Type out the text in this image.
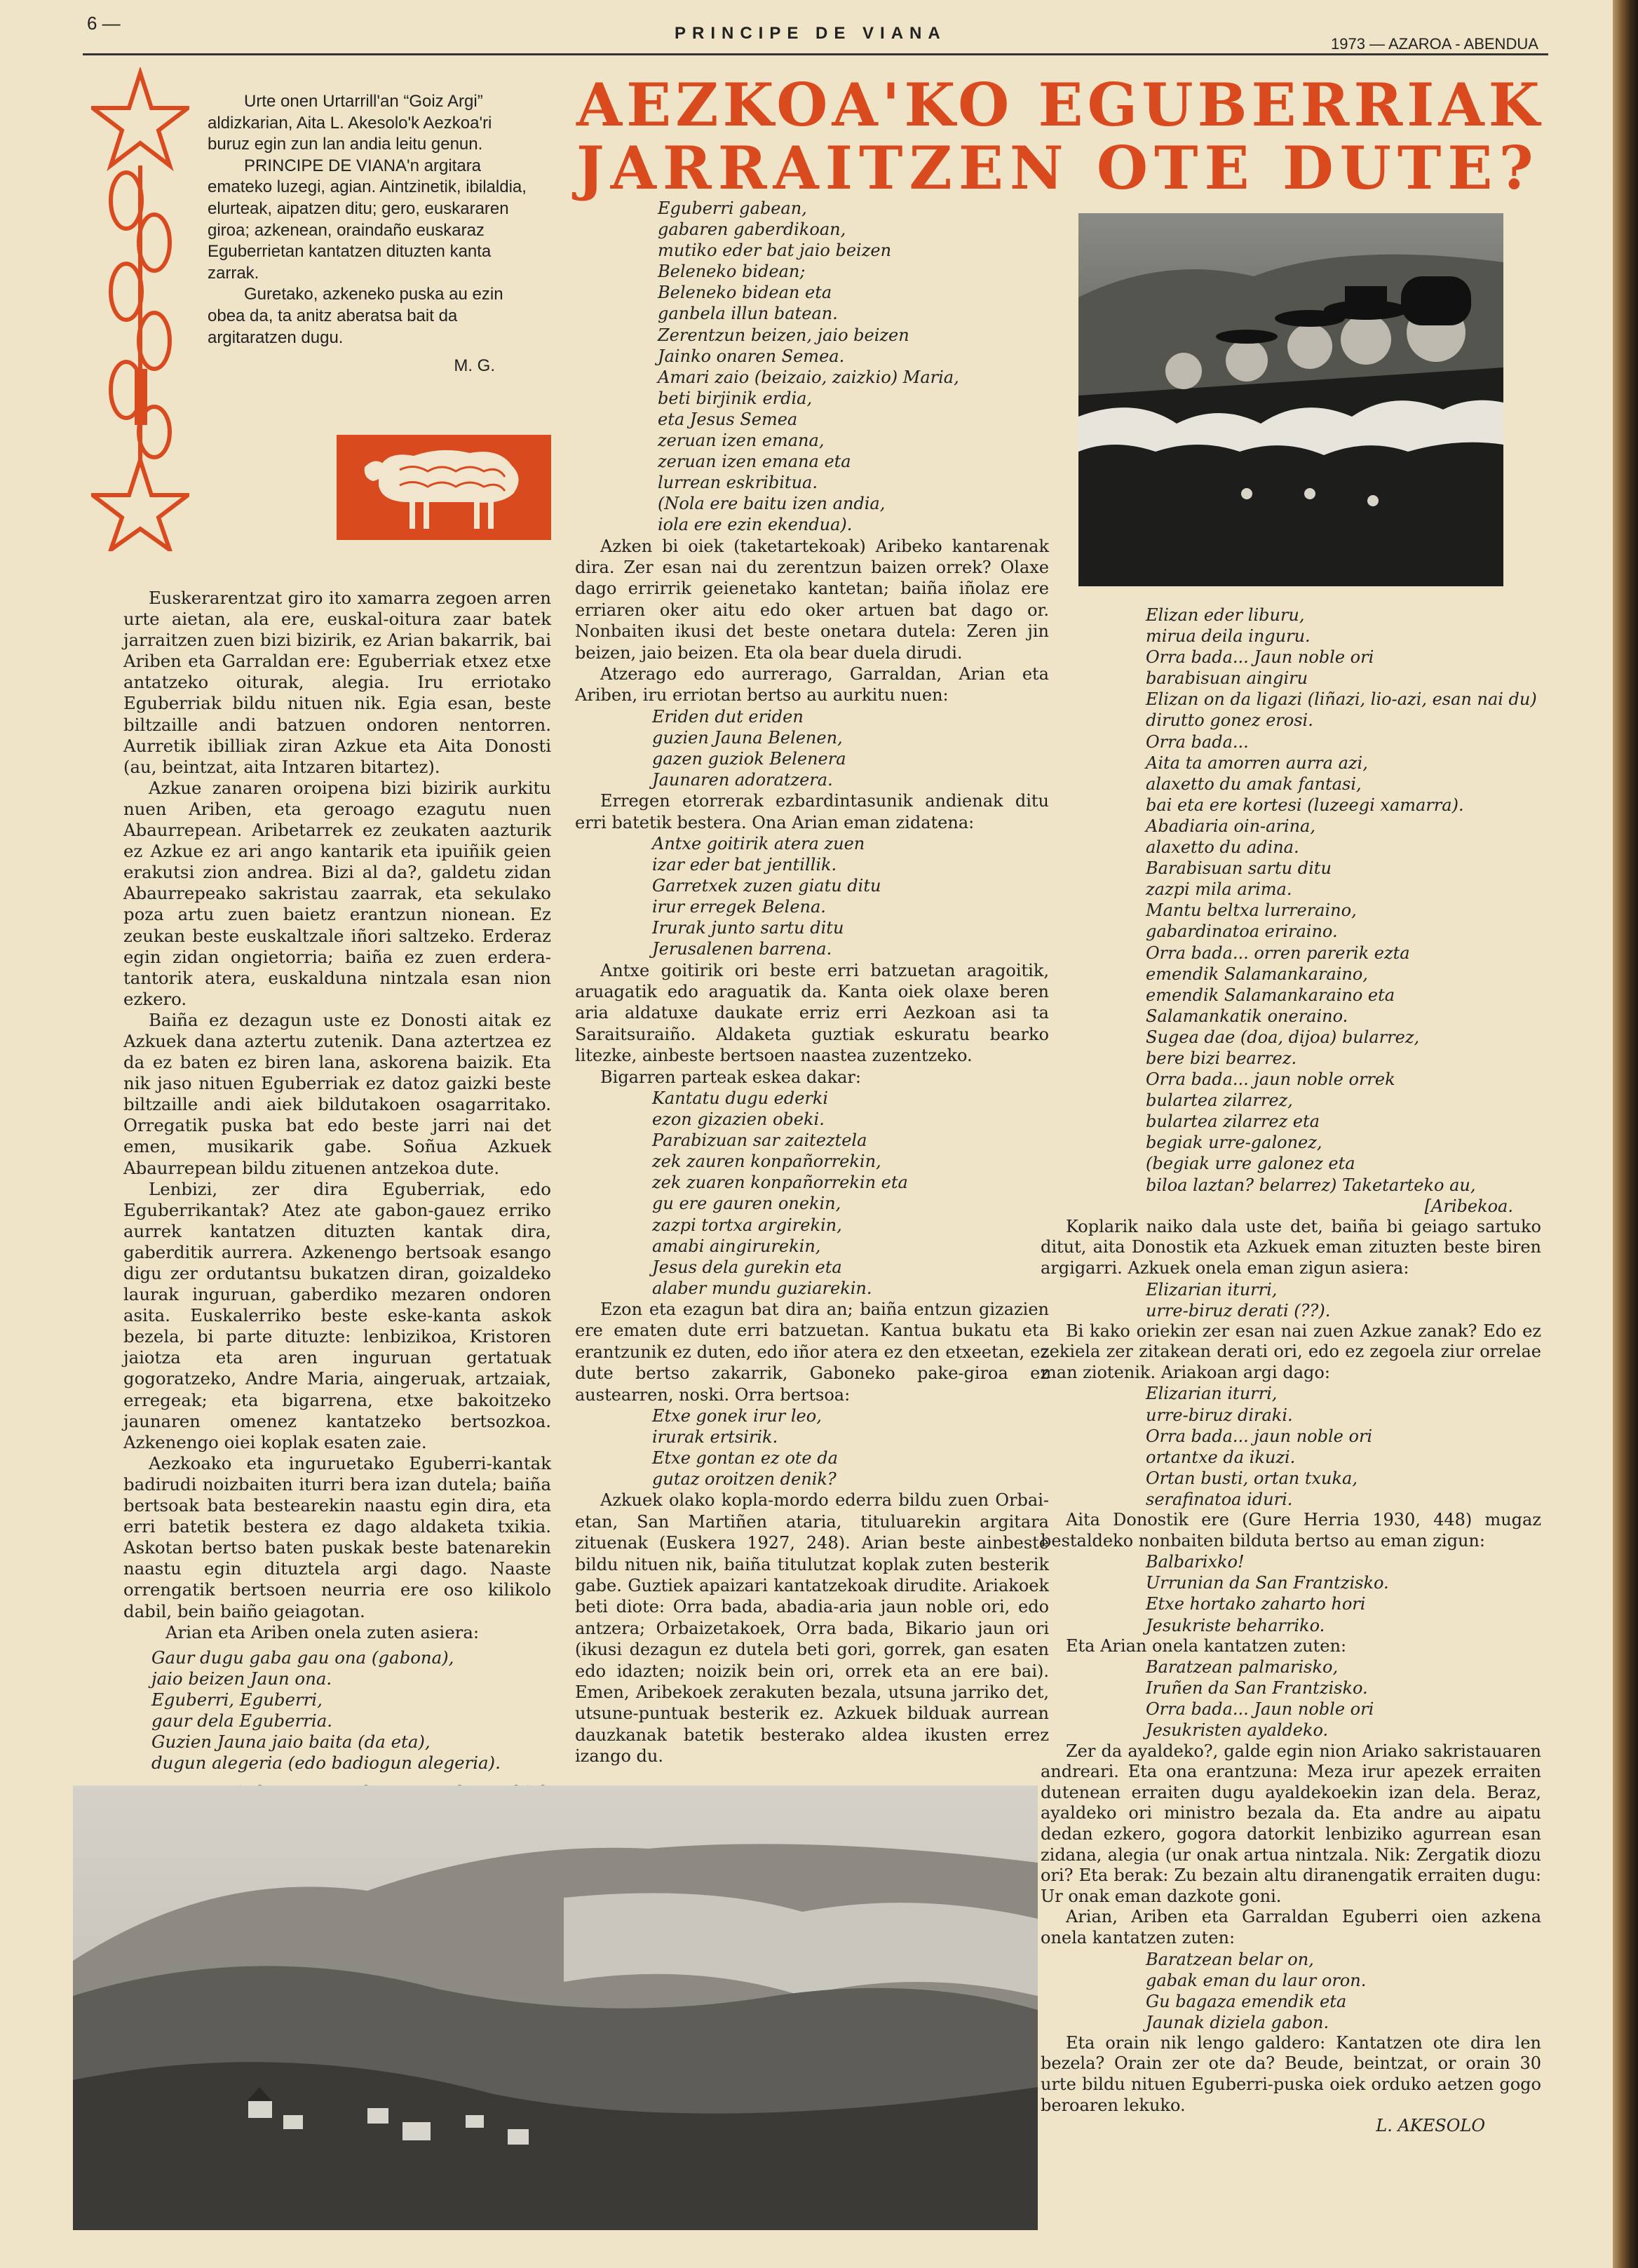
6 —	PRINCIPE DE VIANA
1973 — AZAROA - ABENDUA

Urte onen Urtarrill'an “Goiz Argi” aldizkarian, Aita L. Akesolo'k Aezkoa'ri buruz egin zun lan andia leitu genun.

PRINCIPE DE VIANA'n argitara emateko luzegi, agian. Aintzinetik, ibilaldia, elurteak, aipatzen ditu; gero, euskararen giroa; azkenean, oraindaño euskaraz Eguberrietan kantatzen dituzten kanta zarrak.

Guretako, azkeneko puska au ezin obea da, ta anitz aberatsa bait da argitaratzen dugu.

M. G.

AEZKOA'KO EGUBERRIAK
JARRAITZEN OTE DUTE?

Euskerarentzat giro ito xamarra zegoen arren urte aietan, ala ere, euskal-oitura zaar batek jarraitzen zuen bizi bizirik, ez Arian bakarrik, bai Ariben eta Garraldan ere: Eguberriak etxez etxe antatzeko oiturak, alegia. Iru erriotako Eguberriak bildu nituen nik. Egia esan, beste biltzaille andi batzuen ondoren nentorren. Aurretik ibilliak ziran Azkue eta Aita Donosti (au, beintzat, aita Intzaren bitartez).

Azkue zanaren oroipena bizi bizirik aurkitu nuen Ariben, eta geroago ezagutu nuen Abaurrepean. Aribetarrek ez zeukaten aazturik ez Azkue ez ari ango kantarik eta ipuiñik geien erakutsi zion andrea. Bizi al da?, galdetu zidan Abaurrepeako sakristau zaarrak, eta sekulako poza artu zuen baietz erantzun nionean. Ez zeukan beste euskaltzale iñori saltzeko. Erderaz egin zidan ongietorria; baiña ez zuen erdera-tantorik atera, euskalduna nintzala esan nion ezkero.

Baiña ez dezagun uste ez Donosti aitak ez Azkuek dana aztertu zutenik. Dana aztertzea ez da ez baten ez biren lana, askorena baizik. Eta nik jaso nituen Eguberriak ez datoz gaizki beste biltzaille andi aiek bildutakoen osagarritako. Orregatik puska bat edo beste jarri nai det emen, musikarik gabe. Soñua Azkuek Abaurrepean bildu zituenen antzekoa dute.

Lenbizi, zer dira Eguberriak, edo Eguberrikantak? Atez ate gabon-gauez erriko aurrek kantatzen dituzten kantak dira, gaberditik aurrera. Azkenengo bertsoak esango digu zer ordutantsu bukatzen diran, goizaldeko laurak inguruan, gaberdiko mezaren ondoren asita. Euskalerriko beste eske-kanta askok bezela, bi parte dituzte: lenbizikoa, Kristoren jaiotza eta aren inguruan gertatuak gogoratzeko, Andre Maria, aingeruak, artzaiak, erregeak; eta bigarrena, etxe bakoitzeko jaunaren omenez kantatzeko bertsozkoa. Azkenengo oiei koplak esaten zaie.

Aezkoako eta inguruetako Eguberri-kantak badirudi noizbaiten iturri bera izan dutela; baiña bertsoak bata bestearekin naastu egin dira, eta erri batetik bestera ez dago aldaketa txikia. Askotan bertso baten puskak beste batenarekin naastu egin dituztela argi dago. Naaste orrengatik bertsoen neurria ere oso kilikolo dabil, bein baiño geiagotan.

Arian eta Ariben onela zuten asiera:

Gaur dugu gaba gau ona (gabona),
jaio beizen Jaun ona.
Eguberri, Eguberri,
gaur dela Eguberria.
Guzien Jauna jaio baita (da eta),
dugun alegeria (edo badiogun alegeria).

Eguberri gabean,
gabaren gaberdikoan,
mutiko eder bat jaio beizen
Beleneko bidean;
Beleneko bidean eta
ganbela illun batean.
Zerentzun beizen, jaio beizen
Jainko onaren Semea.
Amari zaio (beizaio, zaizkio) Maria,
beti birjinik erdia,
eta Jesus Semea
zeruan izen emana,
zeruan izen emana eta
lurrean eskribitua.
(Nola ere baitu izen andia,
iola ere ezin ekendua).

Azken bi oiek (taketartekoak) Aribeko kantarenak dira. Zer esan nai du zerentzun baizen orrek? Olaxe dago errirrik geienetako kantetan; baiña iñolaz ere erriaren oker aitu edo oker artuen bat dago or. Nonbaiten ikusi det beste onetara dutela: Zeren jin beizen, jaio beizen. Eta ola bear duela dirudi.

Atzerago edo aurrerago, Garraldan, Arian eta Ariben, iru erriotan bertso au aurkitu nuen:

Eriden dut eriden
guzien Jauna Belenen,
gazen guziok Belenera
Jaunaren adoratzera.

Erregen etorrerak ezbardintasunik andienak ditu erri batetik bestera. Ona Arian eman zidatena:

Antxe goitirik atera zuen
izar eder bat jentillik.
Garretxek zuzen giatu ditu
irur erregek Belena.
Irurak junto sartu ditu
Jerusalenen barrena.

Antxe goitirik ori beste erri batzuetan aragoitik, aruagatik edo araguatik da. Kanta oiek olaxe beren aria aldatuxe daukate erriz erri Aezkoan asi ta Saraitsuraiño. Aldaketa guztiak eskuratu bearko litezke, ainbeste bertsoen naastea zuzentzeko.

Bigarren parteak eskea dakar:

Kantatu dugu ederki
ezon gizazien obeki.
Parabizuan sar zaiteztela
zek zauren konpañorrekin,
zek zuaren konpañorrekin eta
gu ere gauren onekin,
zazpi tortxa argirekin,
amabi aingirurekin,
Jesus dela gurekin eta
alaber mundu guziarekin.

Ezon eta ezagun bat dira an; baiña entzun gizazien ere ematen dute erri batzuetan. Kantua bukatu eta erantzunik ez duten, edo iñor atera ez den etxeetan, ez dute bertso zakarrik, Gaboneko pake-giroa ez austearren, noski. Orra bertsoa:

Etxe gonek irur leo,
irurak ertsirik.
Etxe gontan ez ote da
gutaz oroitzen denik?

Azkuek olako kopla-mordo ederra bildu zuen Orbai-etan, San Martiñen ataria, tituluarekin argitara zituenak (Euskera 1927, 248). Arian beste ainbeste bildu nituen nik, baiña titulutzat koplak zuten besterik gabe. Guztiek apaizari kantatzekoak dirudite. Ariakoek beti diote: Orra bada, abadia-aria jaun noble ori, edo antzera; Orbaizetakoek, Orra bada, Bikario jaun ori (ikusi dezagun ez dutela beti gori, gorrek, gan esaten edo idazten; noizik bein ori, orrek eta an ere bai). Emen, Aribekoek zerakuten bezala, utsuna jarriko det, utsune-puntuak besterik ez. Azkuek bilduak aurrean dauzkanak batetik besterako aldea ikusten errez izango du.

Elizan eder liburu,
mirua deila inguru.
Orra bada... Jaun noble ori
barabisuan aingiru
Elizan on da ligazi (liñazi, lio-azi, esan nai du)
dirutto gonez erosi.
Orra bada...
Aita ta amorren aurra azi,
alaxetto du amak fantasi,
bai eta ere kortesi (luzeegi xamarra).
Abadiaria oin-arina,
alaxetto du adina.
Barabisuan sartu ditu
zazpi mila arima.
Mantu beltxa lurreraino,
gabardinatoa eriraino.
Orra bada... orren parerik ezta
emendik Salamankaraino,
emendik Salamankaraino eta
Salamankatik oneraino.
Sugea dae (doa, dijoa) bularrez,
bere bizi bearrez.
Orra bada... jaun noble orrek
bulartea zilarrez,
bulartea zilarrez eta
begiak urre-galonez,
(begiak urre galonez eta
biloa laztan? belarrez) Taketarteko au,
[Aribekoa.

Koplarik naiko dala uste det, baiña bi geiago sartuko ditut, aita Donostik eta Azkuek eman zituzten beste biren argigarri. Azkuek onela eman zigun asiera:

Elizarian iturri,
urre-biruz derati (??).

Bi kako oriekin zer esan nai zuen Azkue zanak? Edo ez zekiela zer zitakean derati ori, edo ez zegoela ziur orrelae man ziotenik. Ariakoan argi dago:

Elizarian iturri,
urre-biruz diraki.
Orra bada... jaun noble ori
ortantxe da ikuzi.
Ortan busti, ortan txuka,
serafinatoa iduri.

Aita Donostik ere (Gure Herria 1930, 448) mugaz bestaldeko nonbaiten bilduta bertso au eman zigun:

Balbarixko!
Urrunian da San Frantzisko.
Etxe hortako zaharto hori
Jesukriste beharriko.

Eta Arian onela kantatzen zuten:

Baratzean palmarisko,
Iruñen da San Frantzisko.
Orra bada... Jaun noble ori
Jesukristen ayaldeko.

Zer da ayaldeko?, galde egin nion Ariako sakristauaren andreari. Eta ona erantzuna: Meza irur apezek erraiten dutenean erraiten dugu ayaldekoekin izan dela. Beraz, ayaldeko ori ministro bezala da. Eta andre au aipatu dedan ezkero, gogora datorkit lenbiziko agurrean esan zidana, alegia (ur onak artua nintzala. Nik: Zergatik diozu ori? Eta berak: Zu bezain altu diranengatik erraiten dugu: Ur onak eman dazkote goni.

Arian, Ariben eta Garraldan Eguberri oien azkena onela kantatzen zuten:

Baratzean belar on,
gabak eman du laur oron.
Gu bagaza emendik eta
Jaunak diziela gabon.

Eta orain nik lengo galdero: Kantatzen ote dira len bezela? Orain zer ote da? Beude, beintzat, or orain 30 urte bildu nituen Eguberri-puska oiek orduko aetzen gogo beroaren lekuko.

L. AKESOLO
